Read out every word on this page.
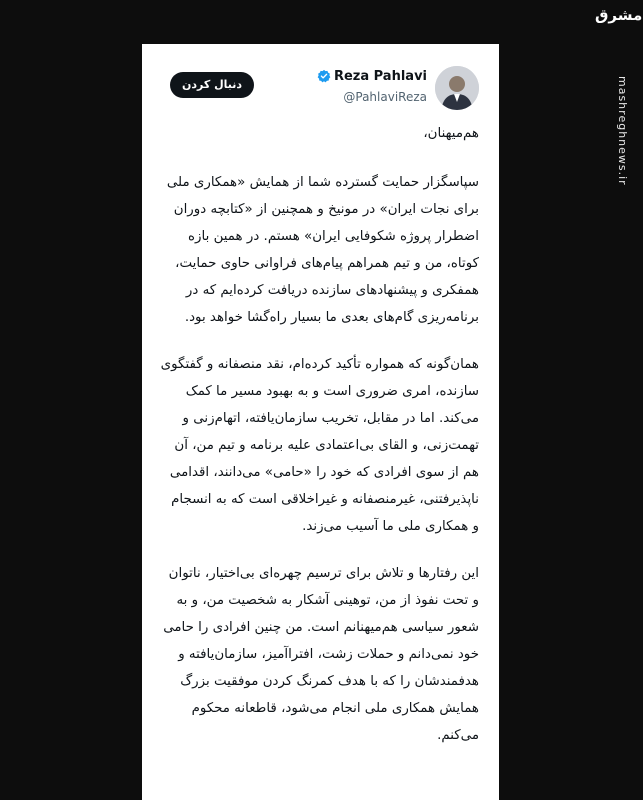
مشرق
mashreghnews.ir
Reza Pahlavi
@PahlaviReza
دنبال کردن

هم‌میهنان،

سپاسگزار حمایت گسترده شما از همایش «همکاری ملی
برای نجات ایران» در مونیخ و همچنین از «کتابچه دوران
اضطرار پروژه شکوفایی ایران» هستم. در همین بازه
کوتاه، من و تیم همراهم پیام‌های فراوانی حاوی حمایت،
همفکری و پیشنهادهای سازنده دریافت کرده‌ایم که در
برنامه‌ریزی گام‌های بعدی ما بسیار راه‌گشا خواهد بود.

همان‌گونه که همواره تأکید کرده‌ام، نقد منصفانه و گفتگوی
سازنده، امری ضروری است و به بهبود مسیر ما کمک
می‌کند. اما در مقابل، تخریب سازمان‌یافته، اتهام‌زنی و
تهمت‌زنی، و القای بی‌اعتمادی علیه برنامه و تیم من، آن
هم از سوی افرادی که خود را «حامی» می‌دانند، اقدامی
ناپذیرفتنی، غیرمنصفانه و غیراخلاقی است که به انسجام
و همکاری ملی ما آسیب می‌زند.

این رفتارها و تلاش برای ترسیم چهره‌ای بی‌اختیار، ناتوان
و تحت نفوذ از من، توهینی آشکار به شخصیت من، و به
شعور سیاسی هم‌میهنانم است. من چنین افرادی را حامی
خود نمی‌دانم و حملات زشت، افتراآمیز، سازمان‌یافته و
هدفمندشان را که با هدف کمرنگ کردن موفقیت بزرگ
همایش همکاری ملی انجام می‌شود، قاطعانه محکوم
می‌کنم.
